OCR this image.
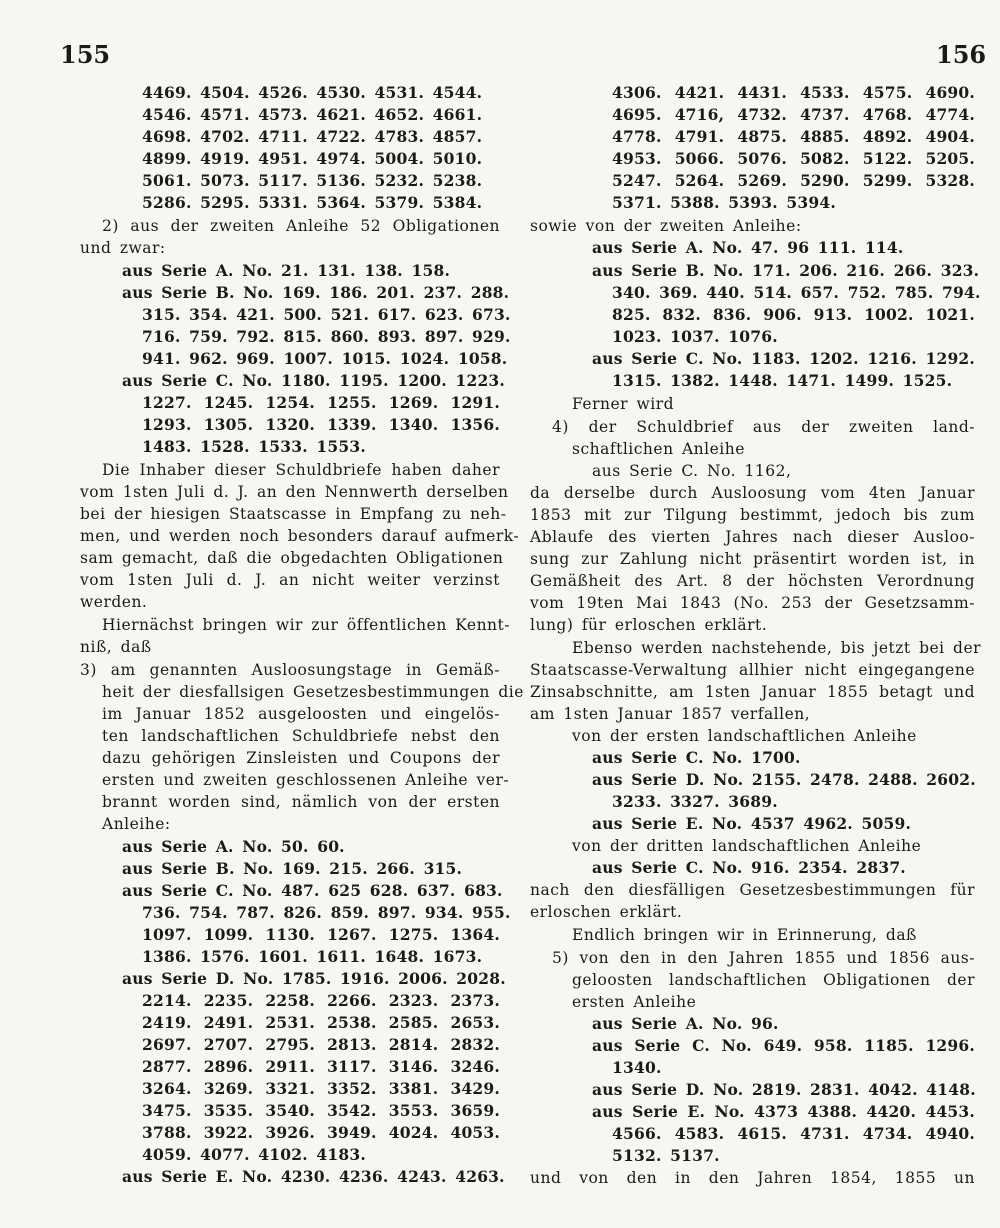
155	156
4469. 4504. 4526. 4530. 4531. 4544.
4546. 4571. 4573. 4621. 4652. 4661.
4698. 4702. 4711. 4722. 4783. 4857.
4899. 4919. 4951. 4974. 5004. 5010.
5061. 5073. 5117. 5136. 5232. 5238.
5286. 5295. 5331. 5364. 5379. 5384.
2) aus der zweiten Anleihe 52 Obligationen
und zwar:
aus Serie A. No. 21. 131. 138. 158.
aus Serie B. No. 169. 186. 201. 237. 288.
315. 354. 421. 500. 521. 617. 623. 673.
716. 759. 792. 815. 860. 893. 897. 929.
941. 962. 969. 1007. 1015. 1024. 1058.
aus Serie C. No. 1180. 1195. 1200. 1223.
1227. 1245. 1254. 1255. 1269. 1291.
1293. 1305. 1320. 1339. 1340. 1356.
1483. 1528. 1533. 1553.
Die Inhaber dieser Schuldbriefe haben daher
vom 1sten Juli d. J. an den Nennwerth derselben
bei der hiesigen Staatscasse in Empfang zu neh-
men, und werden noch besonders darauf aufmerk-
sam gemacht, daß die obgedachten Obligationen
vom 1sten Juli d. J. an nicht weiter verzinst
werden.
Hiernächst bringen wir zur öffentlichen Kennt-
niß, daß
3) am genannten Ausloosungstage in Gemäß-
heit der diesfallsigen Gesetzesbestimmungen die
im Januar 1852 ausgeloosten und eingelös-
ten landschaftlichen Schuldbriefe nebst den
dazu gehörigen Zinsleisten und Coupons der
ersten und zweiten geschlossenen Anleihe ver-
brannt worden sind, nämlich von der ersten
Anleihe:
aus Serie A. No. 50. 60.
aus Serie B. No. 169. 215. 266. 315.
aus Serie C. No. 487. 625 628. 637. 683.
736. 754. 787. 826. 859. 897. 934. 955.
1097. 1099. 1130. 1267. 1275. 1364.
1386. 1576. 1601. 1611. 1648. 1673.
aus Serie D. No. 1785. 1916. 2006. 2028.
2214. 2235. 2258. 2266. 2323. 2373.
2419. 2491. 2531. 2538. 2585. 2653.
2697. 2707. 2795. 2813. 2814. 2832.
2877. 2896. 2911. 3117. 3146. 3246.
3264. 3269. 3321. 3352. 3381. 3429.
3475. 3535. 3540. 3542. 3553. 3659.
3788. 3922. 3926. 3949. 4024. 4053.
4059. 4077. 4102. 4183.
aus Serie E. No. 4230. 4236. 4243. 4263.
4306. 4421. 4431. 4533. 4575. 4690.
4695. 4716, 4732. 4737. 4768. 4774.
4778. 4791. 4875. 4885. 4892. 4904.
4953. 5066. 5076. 5082. 5122. 5205.
5247. 5264. 5269. 5290. 5299. 5328.
5371. 5388. 5393. 5394.
sowie von der zweiten Anleihe:
aus Serie A. No. 47. 96 111. 114.
aus Serie B. No. 171. 206. 216. 266. 323.
340. 369. 440. 514. 657. 752. 785. 794.
825. 832. 836. 906. 913. 1002. 1021.
1023. 1037. 1076.
aus Serie C. No. 1183. 1202. 1216. 1292.
1315. 1382. 1448. 1471. 1499. 1525.
Ferner wird
4) der Schuldbrief aus der zweiten land-
schaftlichen Anleihe
aus Serie C. No. 1162,
da derselbe durch Ausloosung vom 4ten Januar
1853 mit zur Tilgung bestimmt, jedoch bis zum
Ablaufe des vierten Jahres nach dieser Ausloo-
sung zur Zahlung nicht präsentirt worden ist, in
Gemäßheit des Art. 8 der höchsten Verordnung
vom 19ten Mai 1843 (No. 253 der Gesetzsamm-
lung) für erloschen erklärt.
Ebenso werden nachstehende, bis jetzt bei der
Staatscasse-Verwaltung allhier nicht eingegangene
Zinsabschnitte, am 1sten Januar 1855 betagt und
am 1sten Januar 1857 verfallen,
von der ersten landschaftlichen Anleihe
aus Serie C. No. 1700.
aus Serie D. No. 2155. 2478. 2488. 2602.
3233. 3327. 3689.
aus Serie E. No. 4537 4962. 5059.
von der dritten landschaftlichen Anleihe
aus Serie C. No. 916. 2354. 2837.
nach den diesfälligen Gesetzesbestimmungen für
erloschen erklärt.
Endlich bringen wir in Erinnerung, daß
5) von den in den Jahren 1855 und 1856 aus-
geloosten landschaftlichen Obligationen der
ersten Anleihe
aus Serie A. No. 96.
aus Serie C. No. 649. 958. 1185. 1296.
1340.
aus Serie D. No. 2819. 2831. 4042. 4148.
aus Serie E. No. 4373 4388. 4420. 4453.
4566. 4583. 4615. 4731. 4734. 4940.
5132. 5137.
und von den in den Jahren 1854, 1855 un
